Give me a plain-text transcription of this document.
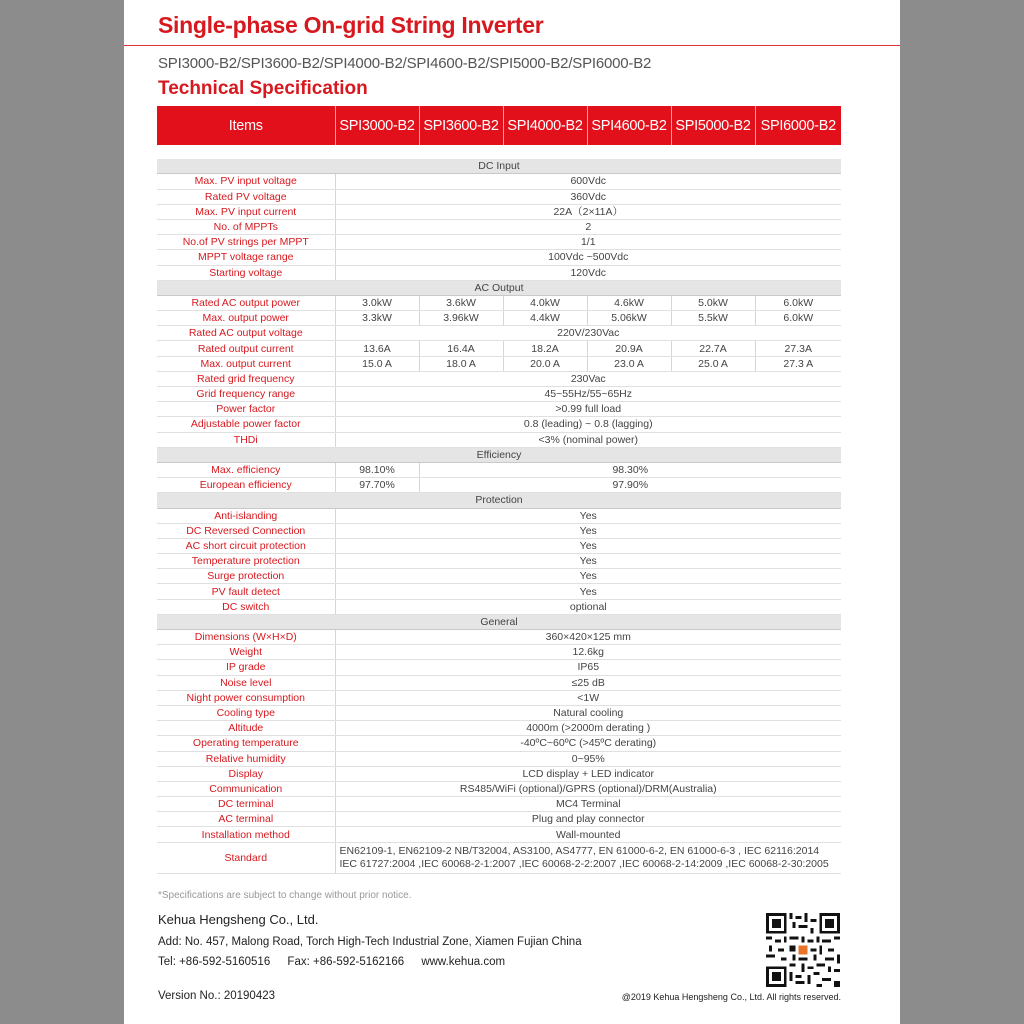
Single-phase On-grid String Inverter
SPI3000-B2/SPI3600-B2/SPI4000-B2/SPI4600-B2/SPI5000-B2/SPI6000-B2
Technical Specification
Items	SPI3000-B2	SPI3600-B2	SPI4000-B2	SPI4600-B2	SPI5000-B2	SPI6000-B2

DC Input						
Max. PV input voltage	600Vdc					
Rated PV voltage	360Vdc					
Max. PV input current	22A（2×11A）					
No. of MPPTs	2					
No.of PV strings per MPPT	1/1					
MPPT voltage range	100Vdc ~500Vdc					
Starting voltage	120Vdc					
AC Output						
Rated AC output power	3.0kW	3.6kW	4.0kW	4.6kW	5.0kW	6.0kW
Max. output power	3.3kW	3.96kW	4.4kW	5.06kW	5.5kW	6.0kW
Rated AC output voltage	220V/230Vac					
Rated output current	13.6A	16.4A	18.2A	20.9A	22.7A	27.3A
Max. output current	15.0 A	18.0 A	20.0 A	23.0 A	25.0 A	27.3 A
Rated grid frequency	230Vac					
Grid frequency range	45~55Hz/55~65Hz					
Power factor	>0.99 full load					
Adjustable power factor	0.8 (leading) ~ 0.8 (lagging)					
THDi	<3% (nominal power)					
Efficiency						
Max. efficiency	98.10%	98.30%				
European efficiency	97.70%	97.90%				
Protection						
Anti-islanding	Yes					
DC Reversed Connection	Yes					
AC short circuit protection	Yes					
Temperature protection	Yes					
Surge protection	Yes					
PV fault detect	Yes					
DC switch	optional					
General						
Dimensions (W×H×D)	360×420×125 mm					
Weight	12.6kg					
IP grade	IP65					
Noise level	≤25 dB					
Night power consumption	<1W					
Cooling type	Natural cooling					
Altitude	4000m (>2000m derating )					
Operating temperature	-40ºC~60ºC (>45ºC derating)					
Relative humidity	0~95%					
Display	LCD display + LED indicator					
Communication	RS485/WiFi (optional)/GPRS (optional)/DRM(Australia)					
DC terminal	MC4 Terminal					
AC terminal	Plug and play connector					
Installation method	Wall-mounted					
Standard	EN62109-1, EN62109-2 NB/T32004, AS3100, AS4777, EN 61000-6-2, EN 61000-6-3 , IEC 62116:2014
IEC 61727:2004 ,IEC 60068-2-1:2007 ,IEC 60068-2-2:2007 ,IEC 60068-2-14:2009 ,IEC 60068-2-30:2005					
*Specifications are subject to change without prior notice.
Kehua Hengsheng Co., Ltd.
Add: No. 457, Malong Road, Torch High-Tech Industrial Zone, Xiamen Fujian China
Tel: +86-592-5160516 Fax: +86-592-5162166 www.kehua.com
Version No.: 20190423	@2019 Kehua Hengsheng Co., Ltd. All rights reserved.
